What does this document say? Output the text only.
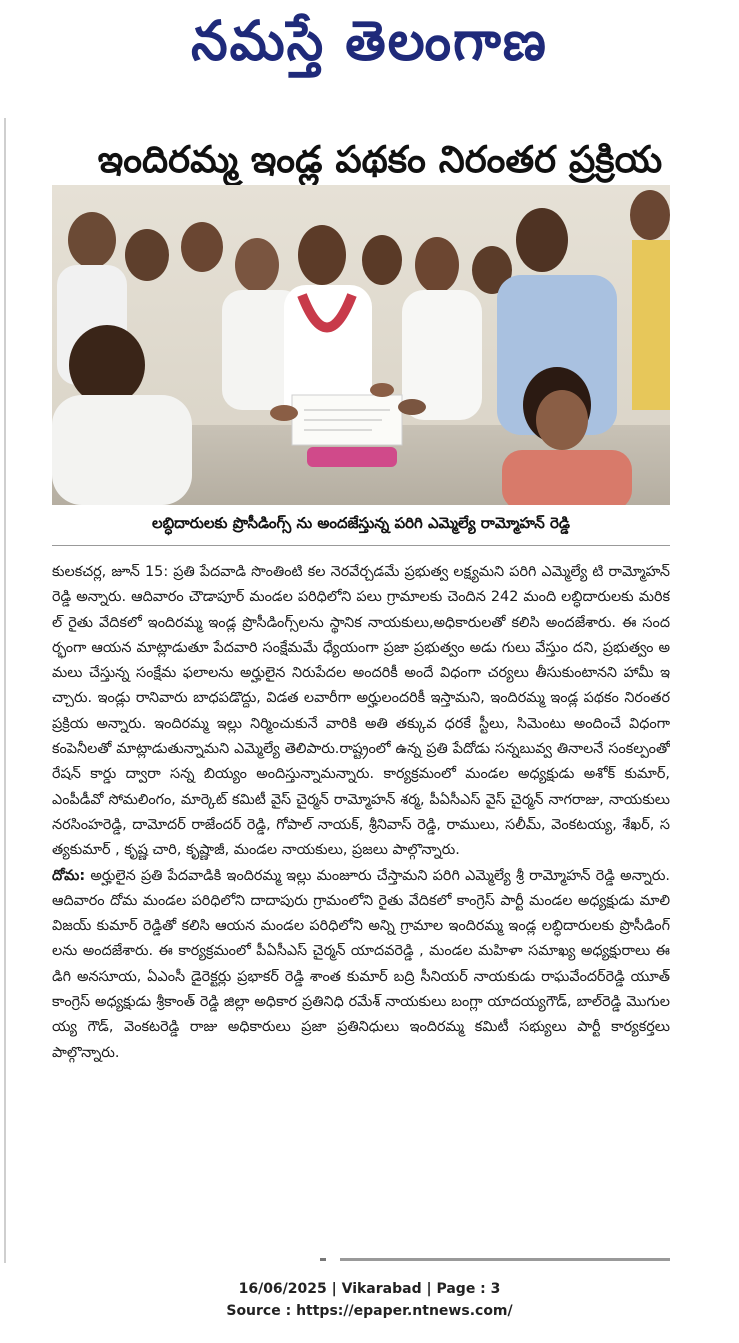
నమస్తే తెలంగాణ
ఇందిరమ్మ ఇండ్ల పథకం నిరంతర ప్రక్రియ
లబ్ధిదారులకు ప్రొసీడింగ్స్ ను అందజేస్తున్న పరిగి ఎమ్మెల్యే రామ్మోహన్ రెడ్డి

కులకచర్ల, జూన్ 15: ప్రతి పేదవాడి సొంతింటి కల నెరవేర్చడమే ప్రభుత్వ లక్ష్యమని పరిగి ఎమ్మెల్యే టి రామ్మోహన్ రెడ్డి అన్నారు. ఆదివారం చౌడాపూర్ మండల పరిధిలోని పలు గ్రామాలకు చెందిన 242 మంది లబ్ధిదారులకు మరికల్ రైతు వేదికలో ఇందిరమ్మ ఇండ్ల ప్రొసీడింగ్స్‌లను స్థానిక నాయకులు,అధికారులతో కలిసి అందజేశారు. ఈ సందర్భంగా ఆయన మాట్లాడుతూ పేదవారి సంక్షేమమే ధ్యేయంగా ప్రజా ప్రభుత్వం అడు గులు వేస్తుం దని, ప్రభుత్వం అమలు చేస్తున్న సంక్షేమ ఫలాలను అర్హులైన నిరుపేదల అందరికీ అందే విధంగా చర్యలు తీసుకుంటానని హామీ ఇచ్చారు. ఇండ్లు రానివారు బాధపడొద్దు, విడత లవారీగా అర్హులందరికీ ఇస్తామని, ఇందిరమ్మ ఇండ్ల పథకం నిరంతర ప్రక్రియ అన్నారు. ఇందిరమ్మ ఇల్లు నిర్మించుకునే వారికి అతి తక్కువ ధరకే స్టీలు, సిమెంటు అందించే విధంగా కంపెనీలతో మాట్లాడుతున్నామని ఎమ్మెల్యే తెలిపారు.రాష్ట్రంలో ఉన్న ప్రతి పేదోడు సన్నబువ్వ తినాలనే సంకల్పంతో రేషన్ కార్డు ద్వారా సన్న బియ్యం అందిస్తున్నామన్నారు. కార్యక్రమంలో మండల అధ్యక్షుడు అశోక్ కుమార్, ఎంపీడీవో సోమలింగం, మార్కెట్ కమిటీ వైస్ చైర్మన్ రామ్మోహన్ శర్మ, పీఏసీఎస్ వైస్ చైర్మన్ నాగరాజు, నాయకులు నరసింహరెడ్డి, దామోదర్ రాజేందర్ రెడ్డి, గోపాల్ నాయక్, శ్రీనివాస్ రెడ్డి, రాములు, సలీమ్, వెంకటయ్య, శేఖర్, సత్యకుమార్ , కృష్ణ చారి, కృష్ణాజీ, మండల నాయకులు, ప్రజలు పాల్గొన్నారు.

దోమ: అర్హులైన ప్రతి పేదవాడికి ఇందిరమ్మ ఇల్లు మంజూరు చేస్తామని పరిగి ఎమ్మెల్యే శ్రీ రామ్మోహన్ రెడ్డి అన్నారు. ఆదివారం దోమ మండల పరిధిలోని దాదాపురు గ్రామంలోని రైతు వేదికలో కాంగ్రెస్ పార్టీ మండల అధ్యక్షుడు మాలి విజయ్ కుమార్ రెడ్డితో కలిసి ఆయన మండల పరిధిలోని అన్ని గ్రామాల ఇందిరమ్మ ఇండ్ల లబ్ధిదారులకు ప్రొసీడింగ్ లను అందజేశారు. ఈ కార్యక్రమంలో పీఏసీఎస్ చైర్మన్ యాదవరెడ్డి , మండల మహిళా సమాఖ్య అధ్యక్షురాలు ఈడిగి అనసూయ, ఏఎంసీ డైరెక్టర్లు ప్రభాకర్ రెడ్డి శాంత కుమార్ బద్రి సీనియర్ నాయకుడు రాఘవేందర్‌రెడ్డి యూత్ కాంగ్రెస్ అధ్యక్షుడు శ్రీకాంత్ రెడ్డి జిల్లా అధికార ప్రతినిధి రమేశ్ నాయకులు బంగ్లా యాదయ్యగౌడ్, బాల్‌రెడ్డి మొగులయ్య గౌడ్, వెంకటరెడ్డి రాజు అధికారులు ప్రజా ప్రతినిధులు ఇందిరమ్మ కమిటీ సభ్యులు పార్టీ కార్యకర్తలు పాల్గొన్నారు.

16/06/2025 | Vikarabad | Page : 3
Source : https://epaper.ntnews.com/
